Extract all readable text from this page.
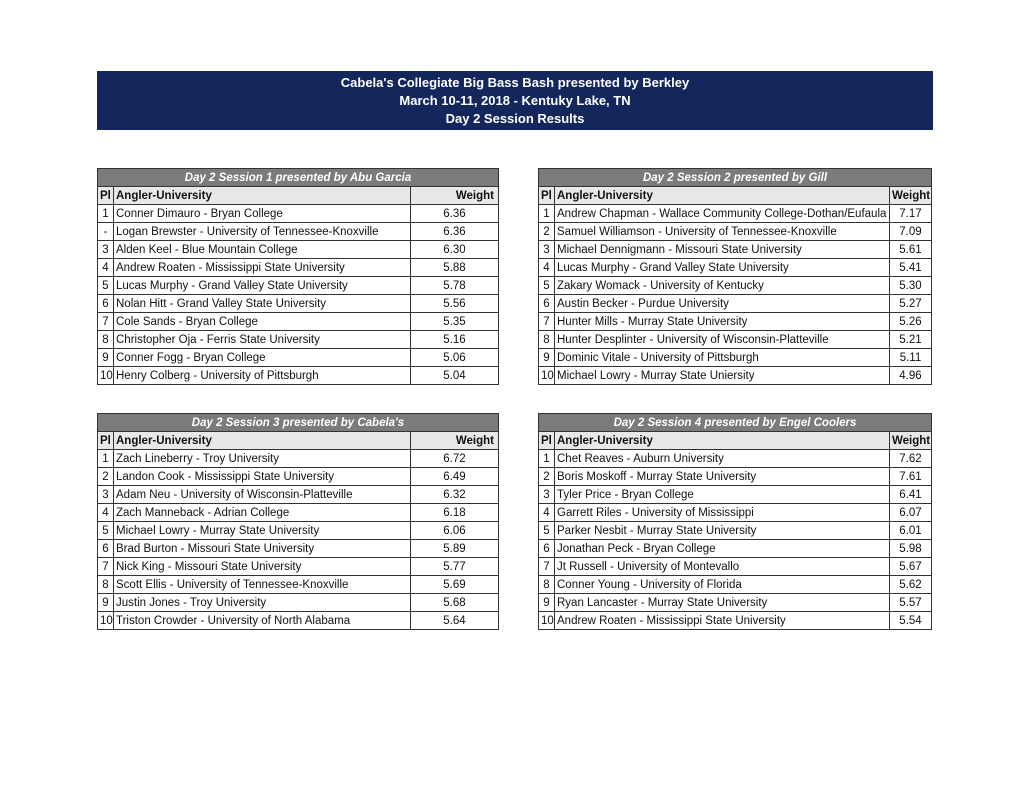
Cabela's Collegiate Big Bass Bash presented by Berkley
March 10-11, 2018 - Kentuky Lake, TN
Day 2 Session Results
Day 2 Session 1 presented by Abu Garcia		
Pl	Angler-University	Weight
1	Conner Dimauro - Bryan College	6.36
-	Logan Brewster - University of Tennessee-Knoxville	6.36
3	Alden Keel - Blue Mountain College	6.30
4	Andrew Roaten - Mississippi State University	5.88
5	Lucas Murphy - Grand Valley State University	5.78
6	Nolan Hitt - Grand Valley State University	5.56
7	Cole Sands - Bryan College	5.35
8	Christopher Oja - Ferris State University	5.16
9	Conner Fogg - Bryan College	5.06
10	Henry Colberg - University of Pittsburgh	5.04
Day 2 Session 2 presented by Gill		
Pl	Angler-University	Weight
1	Andrew Chapman - Wallace Community College-Dothan/Eufaula	7.17
2	Samuel Williamson - University of Tennessee-Knoxville	7.09
3	Michael Dennigmann - Missouri State University	5.61
4	Lucas Murphy - Grand Valley State University	5.41
5	Zakary Womack - University of Kentucky	5.30
6	Austin Becker - Purdue University	5.27
7	Hunter Mills - Murray State University	5.26
8	Hunter Desplinter - University of Wisconsin-Platteville	5.21
9	Dominic Vitale - University of Pittsburgh	5.11
10	Michael Lowry - Murray State Uniersity	4.96
Day 2 Session 3 presented by Cabela's		
Pl	Angler-University	Weight
1	Zach Lineberry - Troy University	6.72
2	Landon Cook - Mississippi State University	6.49
3	Adam Neu - University of Wisconsin-Platteville	6.32
4	Zach Manneback - Adrian College	6.18
5	Michael Lowry - Murray State University	6.06
6	Brad Burton - Missouri State University	5.89
7	Nick King - Missouri State University	5.77
8	Scott Ellis - University of Tennessee-Knoxville	5.69
9	Justin Jones - Troy University	5.68
10	Triston Crowder - University of North Alabama	5.64
Day 2 Session 4 presented by Engel Coolers		
Pl	Angler-University	Weight
1	Chet Reaves - Auburn University	7.62
2	Boris Moskoff - Murray State University	7.61
3	Tyler Price - Bryan College	6.41
4	Garrett Riles - University of Mississippi	6.07
5	Parker Nesbit - Murray State University	6.01
6	Jonathan Peck - Bryan College	5.98
7	Jt Russell - University of Montevallo	5.67
8	Conner Young - University of Florida	5.62
9	Ryan Lancaster - Murray State University	5.57
10	Andrew Roaten - Mississippi State University	5.54
